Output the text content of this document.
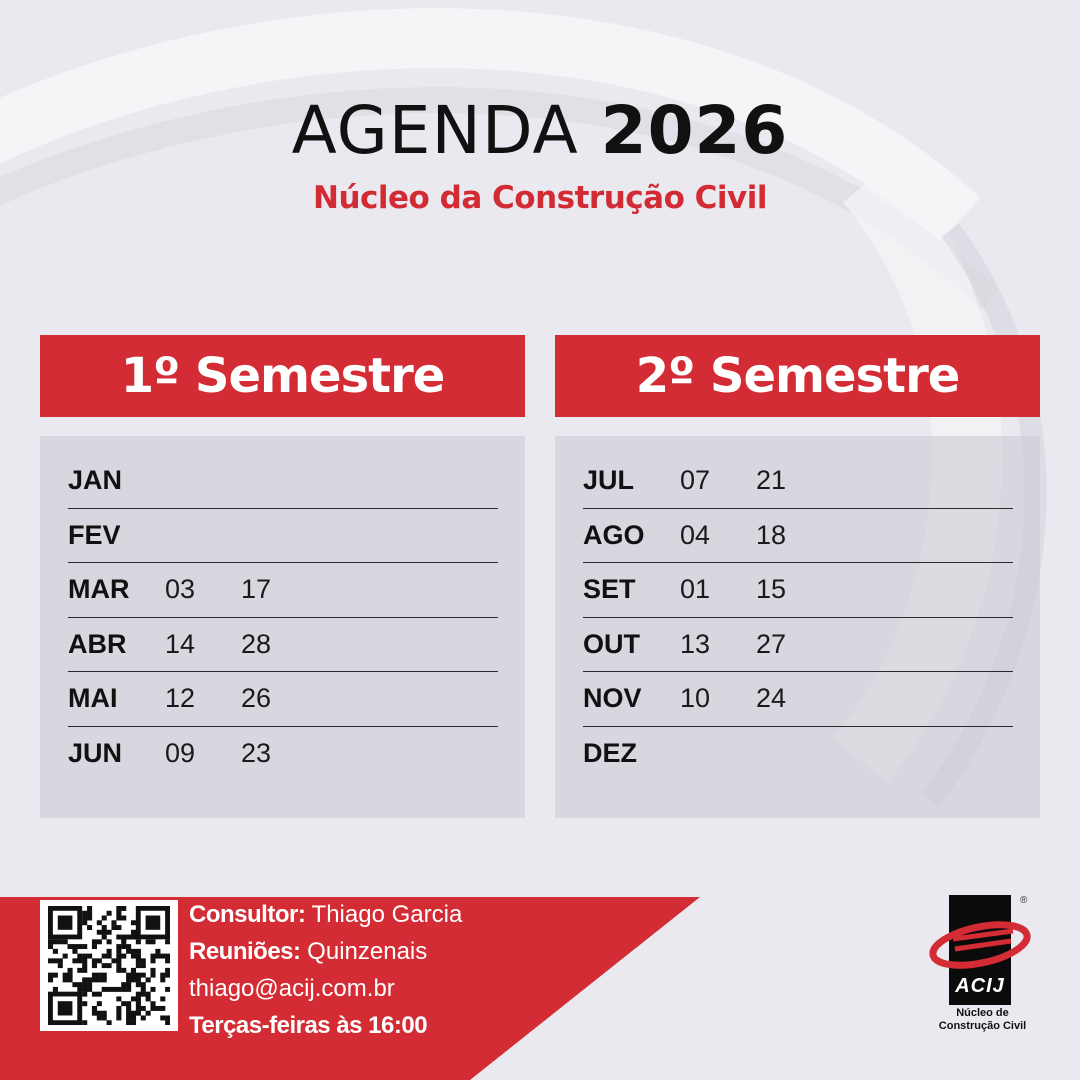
AGENDA 2026
Núcleo da Construção Civil
1º Semestre
JAN
FEV
MAR	03	17
ABR	14	28
MAI	12	26
JUN	09	23
2º Semestre
JUL	07	21
AGO	04	18
SET	01	15
OUT	13	27
NOV	10	24
DEZ
Consultor: Thiago Garcia
Reuniões: Quinzenais
thiago@acij.com.br
Terças-feiras às 16:00
ACIJ
®
Núcleo de
Construção Civil
